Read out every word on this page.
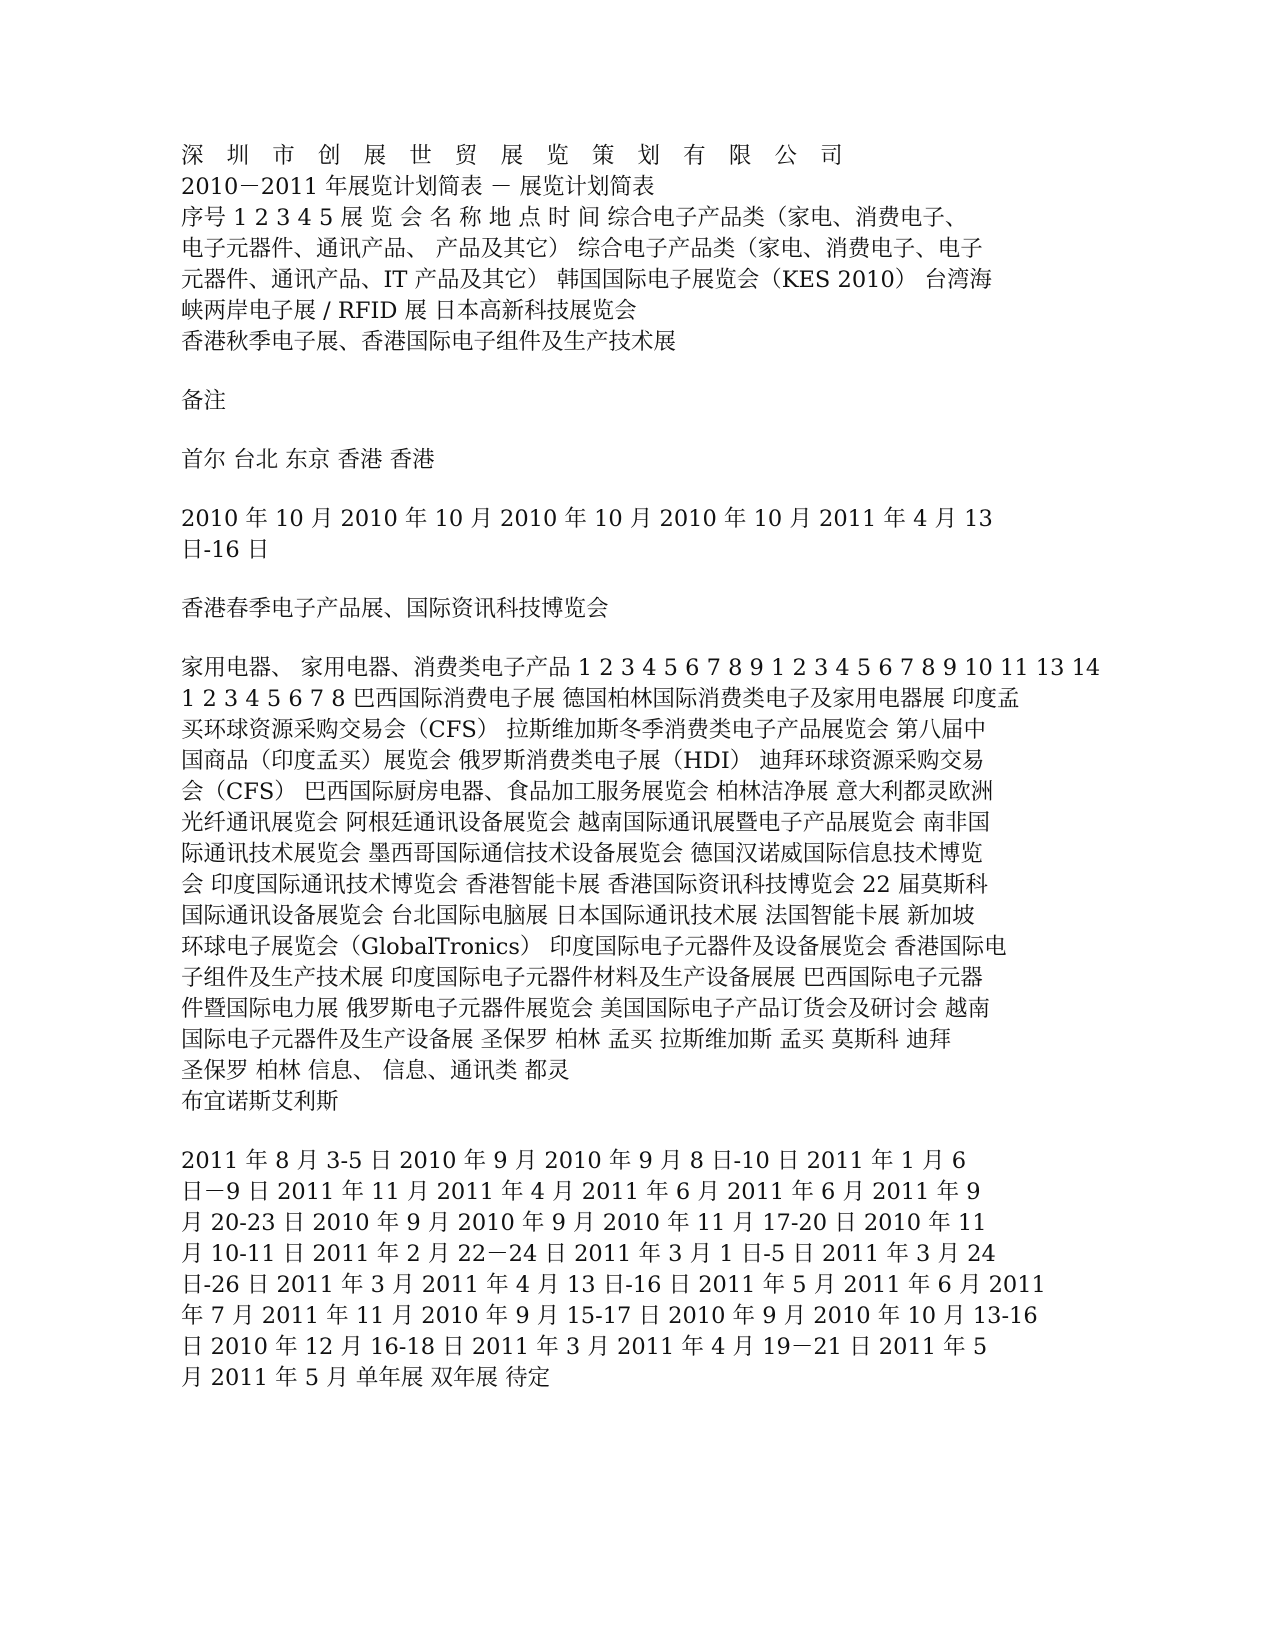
深 圳 市 创 展 世 贸 展 览 策 划 有 限 公 司
2010－2011 年展览计划简表 － 展览计划简表
序号 1 2 3 4 5 展 览 会 名 称 地 点 时 间 综合电子产品类（家电、消费电子、
电子元器件、通讯产品、 产品及其它） 综合电子产品类（家电、消费电子、电子
元器件、通讯产品、IT 产品及其它） 韩国国际电子展览会（KES 2010） 台湾海
峡两岸电子展 / RFID 展 日本高新科技展览会
香港秋季电子展、香港国际电子组件及生产技术展
备注
首尔 台北 东京 香港 香港
2010 年 10 月 2010 年 10 月 2010 年 10 月 2010 年 10 月 2011 年 4 月 13
日-16 日
香港春季电子产品展、国际资讯科技博览会
家用电器、 家用电器、消费类电子产品 1 2 3 4 5 6 7 8 9 1 2 3 4 5 6 7 8 9 10 11 13 14
1 2 3 4 5 6 7 8 巴西国际消费电子展 德国柏林国际消费类电子及家用电器展 印度孟
买环球资源采购交易会（CFS） 拉斯维加斯冬季消费类电子产品展览会 第八届中
国商品（印度孟买）展览会 俄罗斯消费类电子展（HDI） 迪拜环球资源采购交易
会（CFS） 巴西国际厨房电器、食品加工服务展览会 柏林洁净展 意大利都灵欧洲
光纤通讯展览会 阿根廷通讯设备展览会 越南国际通讯展暨电子产品展览会 南非国
际通讯技术展览会 墨西哥国际通信技术设备展览会 德国汉诺威国际信息技术博览
会 印度国际通讯技术博览会 香港智能卡展 香港国际资讯科技博览会 22 届莫斯科
国际通讯设备展览会 台北国际电脑展 日本国际通讯技术展 法国智能卡展 新加坡
环球电子展览会（GlobalTronics） 印度国际电子元器件及设备展览会 香港国际电
子组件及生产技术展 印度国际电子元器件材料及生产设备展展 巴西国际电子元器
件暨国际电力展 俄罗斯电子元器件展览会 美国国际电子产品订货会及研讨会 越南
国际电子元器件及生产设备展 圣保罗 柏林 孟买 拉斯维加斯 孟买 莫斯科 迪拜
圣保罗 柏林 信息、 信息、通讯类 都灵
布宜诺斯艾利斯
2011 年 8 月 3-5 日 2010 年 9 月 2010 年 9 月 8 日-10 日 2011 年 1 月 6
日－9 日 2011 年 11 月 2011 年 4 月 2011 年 6 月 2011 年 6 月 2011 年 9
月 20-23 日 2010 年 9 月 2010 年 9 月 2010 年 11 月 17-20 日 2010 年 11
月 10-11 日 2011 年 2 月 22－24 日 2011 年 3 月 1 日-5 日 2011 年 3 月 24
日-26 日 2011 年 3 月 2011 年 4 月 13 日-16 日 2011 年 5 月 2011 年 6 月 2011
年 7 月 2011 年 11 月 2010 年 9 月 15-17 日 2010 年 9 月 2010 年 10 月 13-16
日 2010 年 12 月 16-18 日 2011 年 3 月 2011 年 4 月 19－21 日 2011 年 5
月 2011 年 5 月 单年展 双年展 待定
